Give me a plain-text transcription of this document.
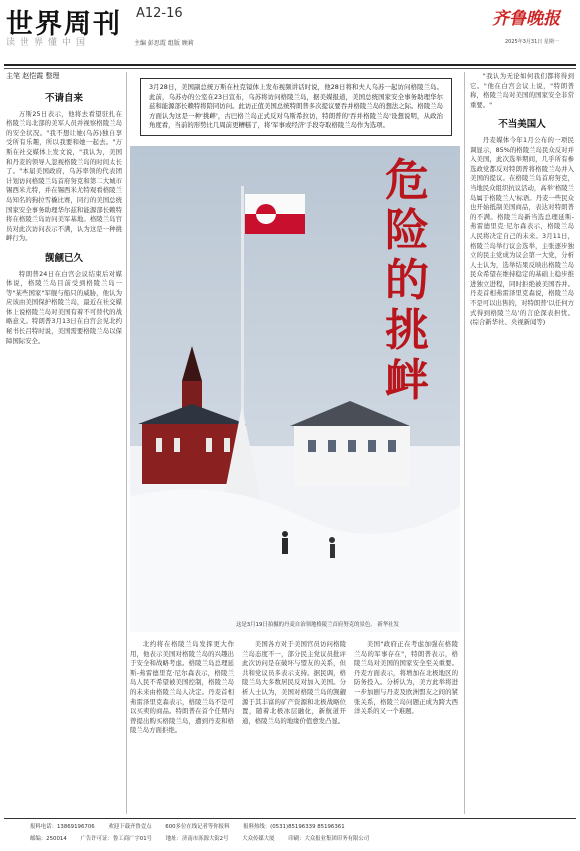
世界周刊
读世界懂中国
A12-16
主编 彭思霞 组版 顾莉
齐鲁晚报
2025年3月31日 星期一
主笔 赵恺霞 整理
3月28日，美国副总统万斯在杜克镜体上发布视频讲话时说，他28日将和夫人乌苏一起访问格陵兰岛。此前，乌苏办的公室在23日宣布，乌苏将访问格陵兰岛，据美媒报道，美国总统国家安全事务助理华尔兹和能源部长赖特将陪同访问。此访正值美国总统特朗普多次提议要吞并格陵兰岛的想法之际。格陵兰岛方面认为这是一种'挑衅'，古巴格兰岛正式反对乌斯希拉访，特朗普的'吞并格陵兰岛'设想说明，从政治角度看，当前的形势比几周前更糟糕了，将'军事或经济'手段夺取格陵兰岛作为选项。
不请自来

万斯25日表示，他将去看望驻扎在格陵兰岛北部的美军人员并视察格陵兰岛的安全状况。"我不想让她(乌苏)独自享受所有乐趣，所以我要和她一起去。"万斯在社交媒体上发文说，"我认为，美国和丹麦的领导人忽视格陵兰岛的时间太长了。"本届美国政府，乌苏率领的代表团计划访问格陵兰岛首府努克和第二大城市锡西米尤特，并在锡西米尤特观看格陵兰岛知名的狗拉雪橇比赛，同行的美国总统国家安全事务助理华尔兹和能源部长赖特将在格陵兰岛访问美军基地。格陵兰岛官员对此次访问表示不满，认为这是一种挑衅行为。

觊觎已久

特朗普24日在白宫会议结束后对媒体说，格陵兰岛目前受到格陵兰岛一等"某些国家"军舰与船只的威胁，他认为应该由美国保护格陵兰岛，最近在社交媒体上说格陵兰岛对美国有着不可替代的战略意义。特朗普3月13日在白宫会见北约秘书长吕特时说，美国需要格陵兰岛以保障国际安全。

危险的挑衅
这是3月19日拍摄的丹麦自治领地格陵兰首府努克的景色。 新华社发

北约将在格陵兰岛发挥更大作用，他表示美国对格陵兰岛的兴趣出于安全和战略考虑。格陵兰岛总理延斯-弗雷德里克·尼尔森表示，格陵兰岛人民不希望被美国控制，格陵兰岛的未来由格陵兰岛人决定。丹麦首相弗雷泽里克森表示，格陵兰岛不是可以买卖的商品。特朗普在首个任期内曾提出购买格陵兰岛，遭到丹麦和格陵兰岛方面拒绝。

美国各方对于美国官员访问格陵兰岛态度不一，部分民主党议员批评此次访问是在破坏与盟友的关系，但共和党议员多表示支持。据民调，格陵兰岛大多数居民反对加入美国。分析人士认为，美国对格陵兰岛的觊觎源于其丰富的矿产资源和北极战略位置，随着北极冰层融化，新航道开通，格陵兰岛的地缘价值愈发凸显。

美国"政府正在考虑加强在格陵兰岛的军事存在"，特朗普表示，格陵兰岛对美国的国家安全至关重要。丹麦方面表示，将增加在北极地区的防务投入。分析认为，美方此举将进一步加剧与丹麦及欧洲盟友之间的紧张关系，格陵兰岛问题正成为跨大西洋关系的又一个难题。

"我认为无论如何我们都将得到它。"他在白宫会议上说，"特朗普称，格陵兰岛对美国的国家安全非常重要。"

不当美国人

丹麦媒体今年1月公布的一项民调显示，85%的格陵兰岛民众反对并入美国，此次选举期间，几乎所有参选政党都反对特朗普将格陵兰岛并入美国的提议。在格陵兰岛首府努克，当地民众组织抗议活动，高举'格陵兰岛属于格陵兰人'标语。丹麦一些民众也开始抵制美国商品，表达对特朗普的不满。格陵兰岛新当选总理延斯-弗雷德里克·尼尔森表示，格陵兰岛人民将决定自己的未来。3月11日，格陵兰岛举行议会选举，主张逐步独立的民主党成为议会第一大党，分析人士认为，选举结果反映出格陵兰岛民众希望在维持稳定的基础上稳步推进独立进程，同时拒绝被美国吞并。丹麦首相弗雷泽里克森说，格陵兰岛不是可以出售的，对特朗普'以任何方式得到格陵兰岛'的言论深表担忧。(综合新华社、央视新闻等)

报料电话：13869196706	欢迎下载齐鲁壹点	600多位在线记者等你报料	报料热线：(0531)85196339 85196361
邮编：250014	广告许可证：鲁工商广字01号	地址：济南市泺源大街2号	大众传媒大厦	印刷：大众报业集团印务有限公司
